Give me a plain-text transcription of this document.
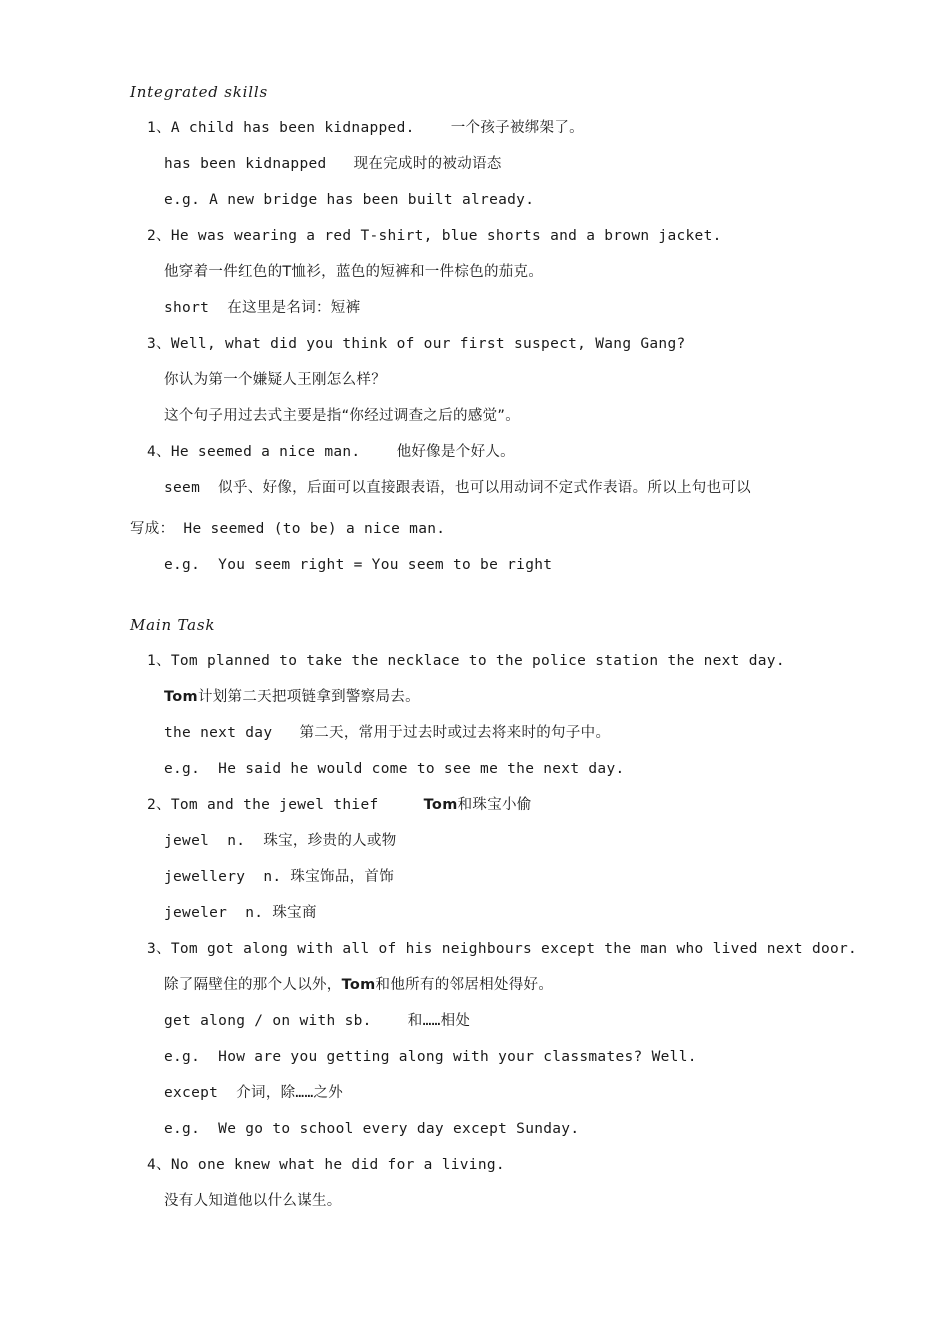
Integrated skills
1、A child has been kidnapped.    一个孩子被绑架了。
has been kidnapped   现在完成时的被动语态
e.g. A new bridge has been built already.
2、He was wearing a red T-shirt, blue shorts and a brown jacket.
他穿着一件红色的T恤衫，蓝色的短裤和一件棕色的茄克。
short  在这里是名词：短裤
3、Well, what did you think of our first suspect, Wang Gang?
你认为第一个嫌疑人王刚怎么样？
这个句子用过去式主要是指“你经过调查之后的感觉”。
4、He seemed a nice man.    他好像是个好人。
seem  似乎、好像，后面可以直接跟表语，也可以用动词不定式作表语。所以上句也可以
写成： He seemed (to be) a nice man.
e.g.  You seem right = You seem to be right
Main Task
1、Tom planned to take the necklace to the police station the next day.
Tom计划第二天把项链拿到警察局去。
the next day   第二天，常用于过去时或过去将来时的句子中。
e.g.  He said he would come to see me the next day.
2、Tom and the jewel thief     Tom和珠宝小偷
jewel  n.  珠宝，珍贵的人或物
jewellery  n. 珠宝饰品，首饰
jeweler  n. 珠宝商
3、Tom got along with all of his neighbours except the man who lived next door.
除了隔壁住的那个人以外，Tom和他所有的邻居相处得好。
get along / on with sb.    和……相处
e.g.  How are you getting along with your classmates? Well.
except  介词，除……之外
e.g.  We go to school every day except Sunday.
4、No one knew what he did for a living.
没有人知道他以什么谋生。
